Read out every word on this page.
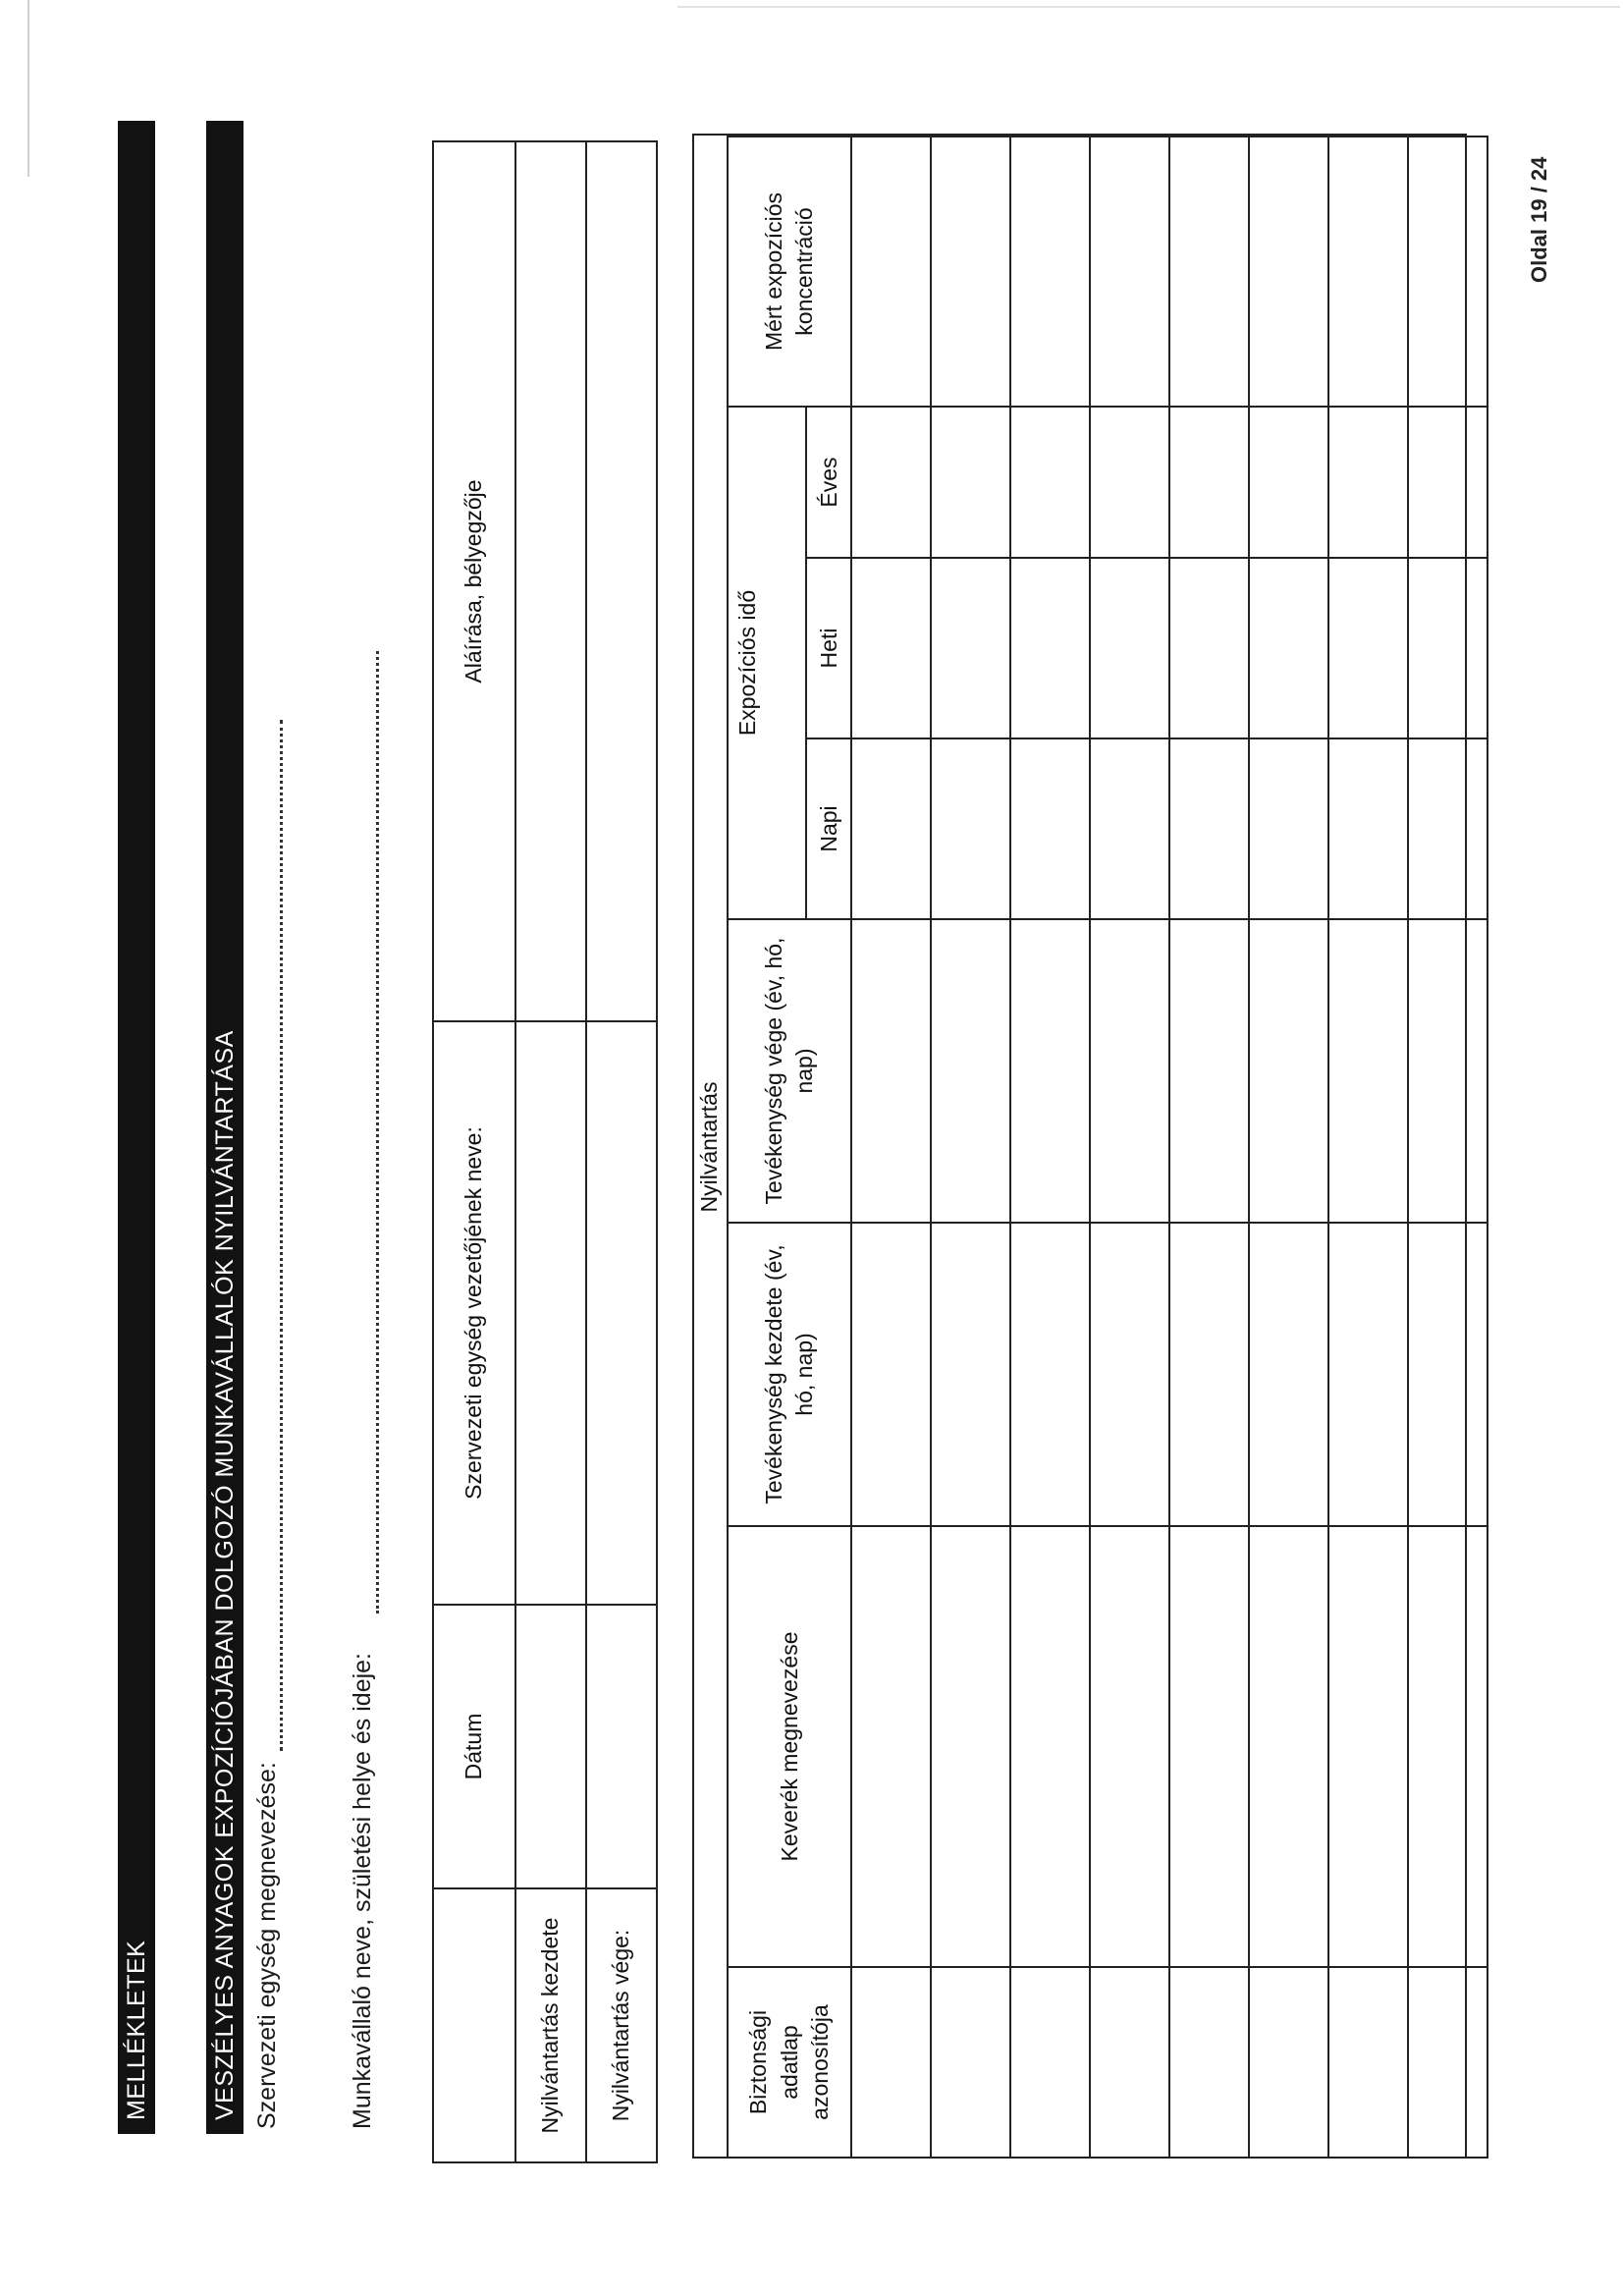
MELLÉKLETEK VESZÉLYES ANYAGOK EXPOZÍCIÓJÁBAN DOLGOZÓ MUNKAVÁLLALÓK NYILVÁNTARTÁSA Szervezeti egység megnevezése:	Munkavállaló neve, születési helye és ideje:
		Dátum	Szervezeti egység vezetőjének neve:	Aláírása, bélyegzője
Nyilvántartás kezdete			
Nyilvántartás vége:			
Nyilvántartás							
Biztonsági adatlap azonosítója	Keverék megnevezése	Tevékenység kezdete (év, hó, nap)	Tevékenység vége (év, hó, nap)	Expozíciós idő			Mért expozíciós koncentráció

				Napi	Heti	Éves	

Oldal 19 / 24
